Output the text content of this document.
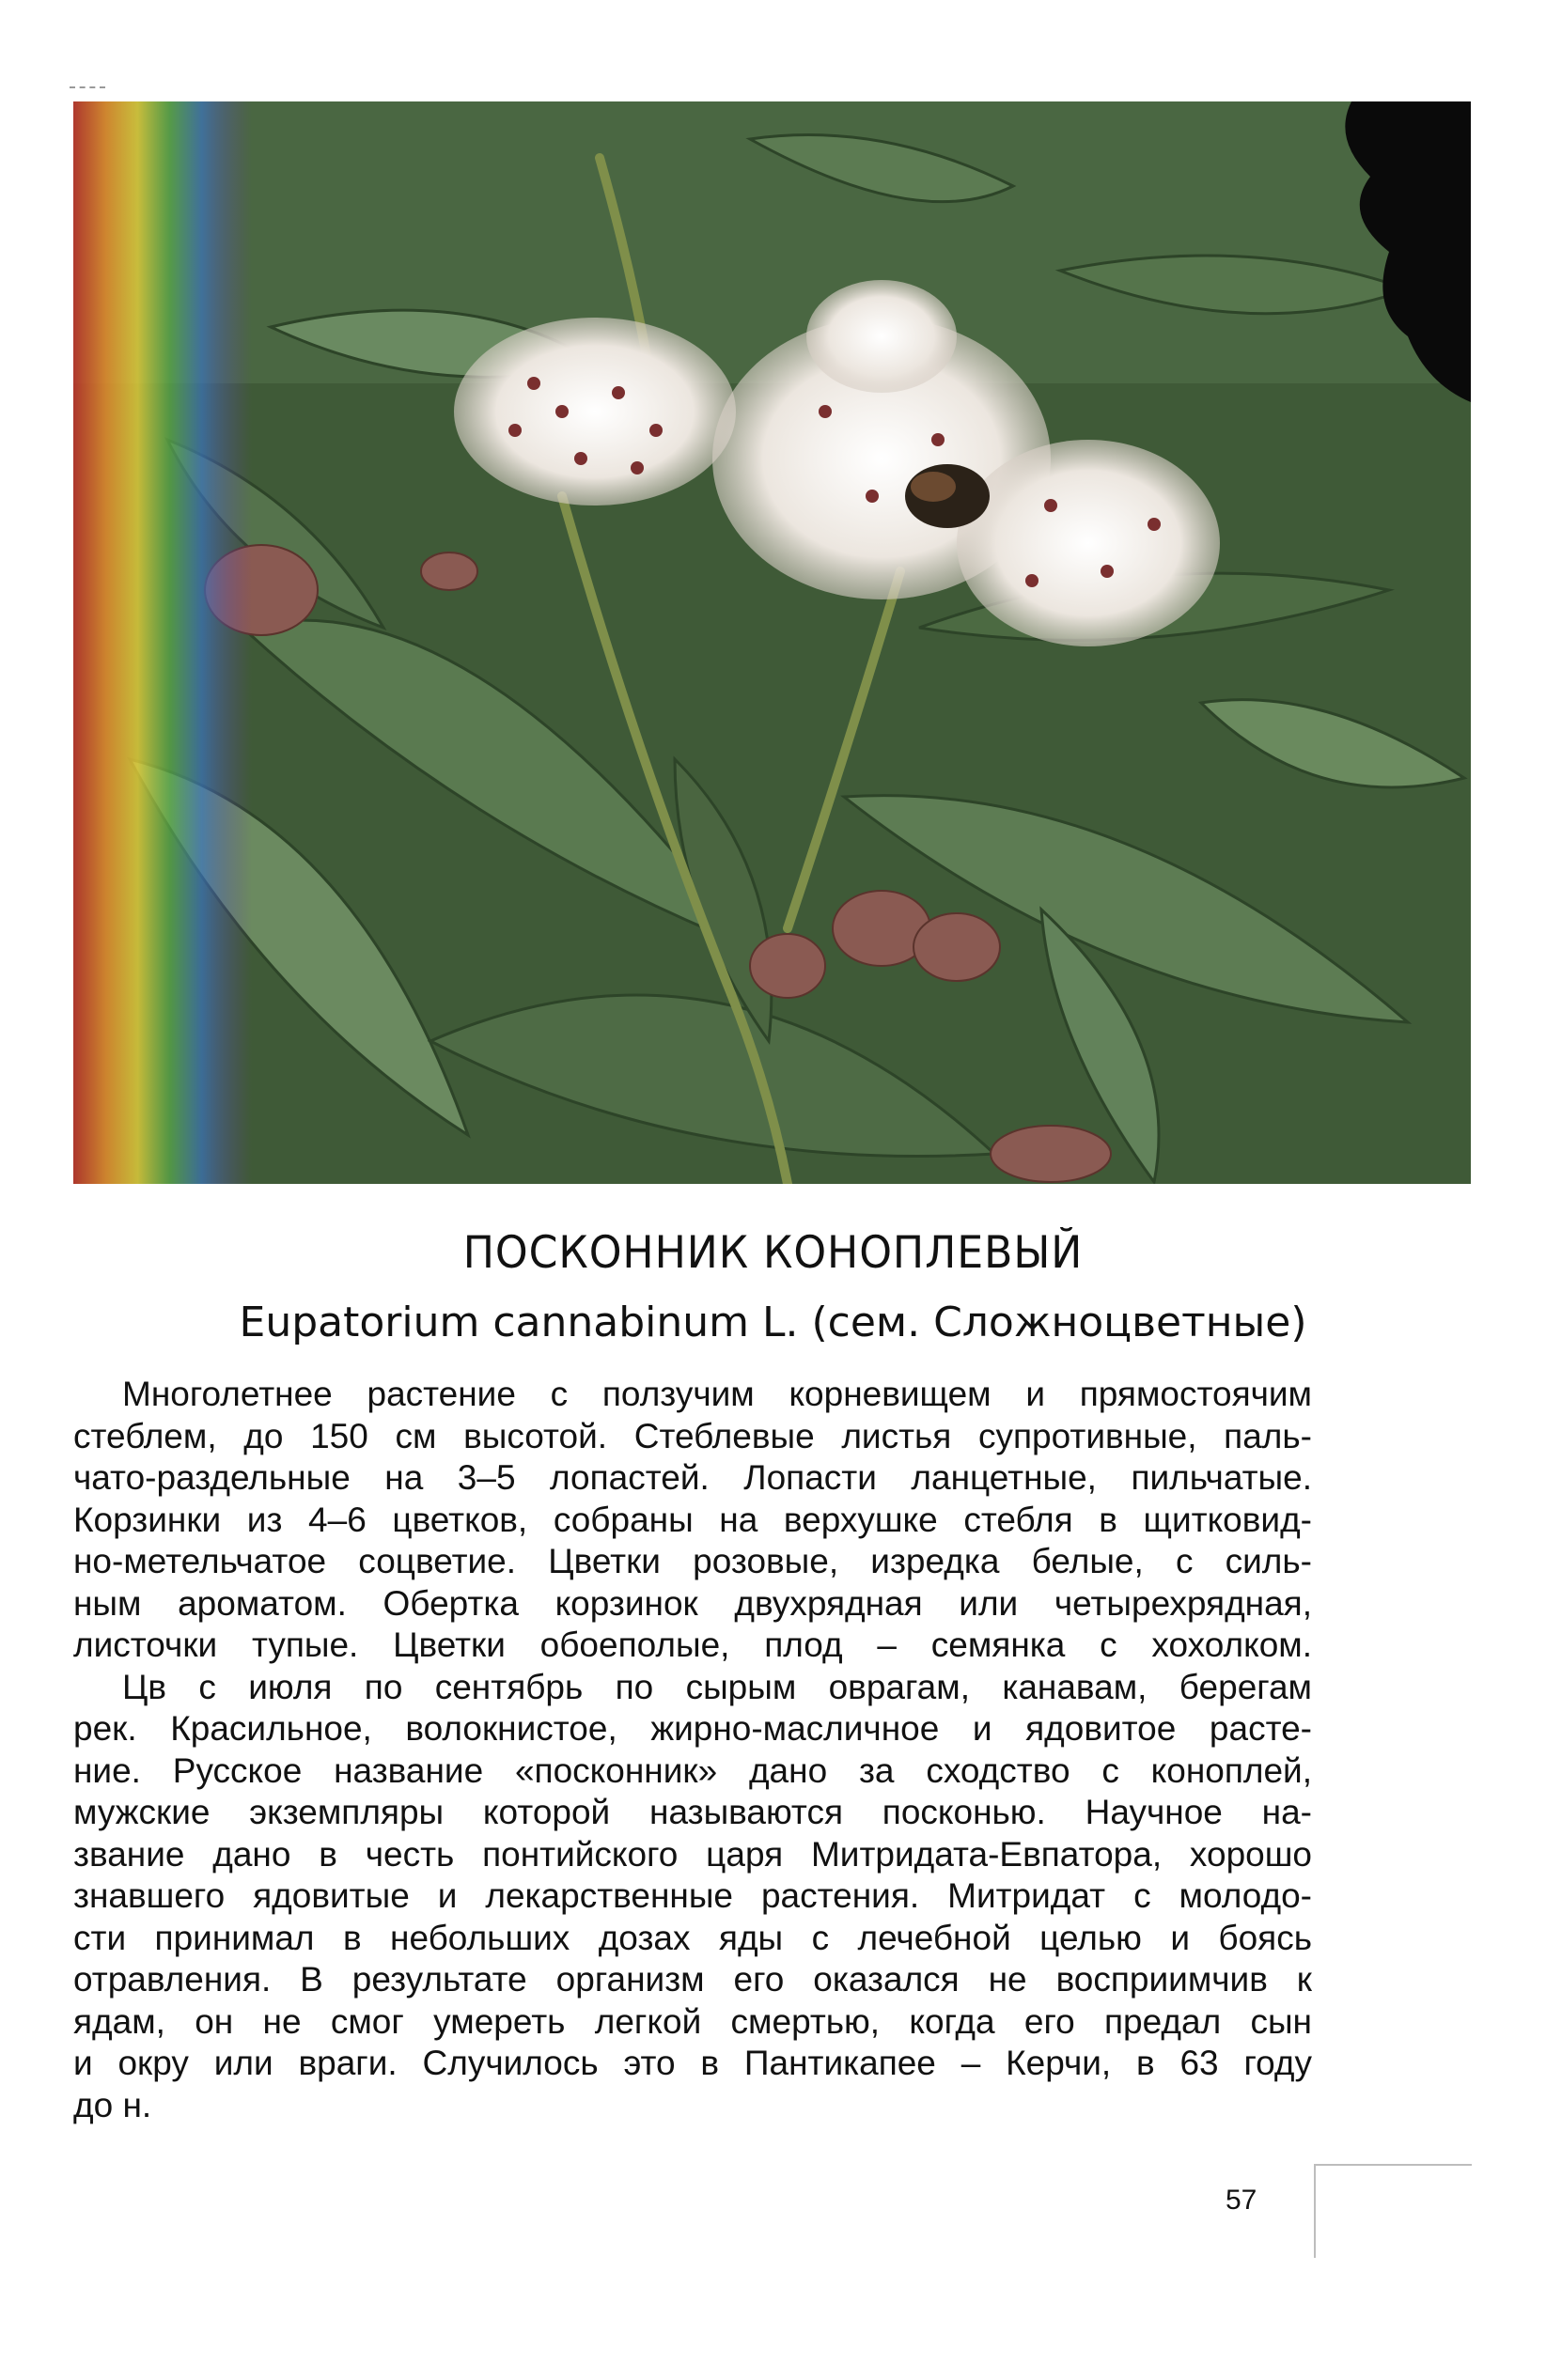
ПОСКОННИК КОНОПЛЕВЫЙ
Eupatorium cannabinum L. (сем. Сложноцветные)
Многолетнее растение с ползучим корневищем и прямостоячим
стеблем, до 150 см высотой. Стеблевые листья супротивные, паль-
чато-раздельные на 3–5 лопастей. Лопасти ланцетные, пильчатые.
Корзинки из 4–6 цветков, собраны на верхушке стебля в щитковид-
но-метельчатое соцветие. Цветки розовые, изредка белые, с силь-
ным ароматом. Обертка корзинок двухрядная или четырехрядная,
листочки тупые. Цветки обоеполые, плод – семянка с хохолком.
Цв с июля по сентябрь по сырым оврагам, канавам, берегам
рек. Красильное, волокнистое, жирно-масличное и ядовитое расте-
ние. Русское название «посконник» дано за сходство с коноплей,
мужские экземпляры которой называются посконью. Научное на-
звание дано в честь понтийского царя Митридата-Евпатора, хорошо
знавшего ядовитые и лекарственные растения. Митридат с молодо-
сти принимал в небольших дозах яды с лечебной целью и боясь
отравления. В результате организм его оказался не восприимчив к
ядам, он не смог умереть легкой смертью, когда его предал сын
и окру или враги. Случилось это в Пантикапее – Керчи, в 63 году
до н.
57
